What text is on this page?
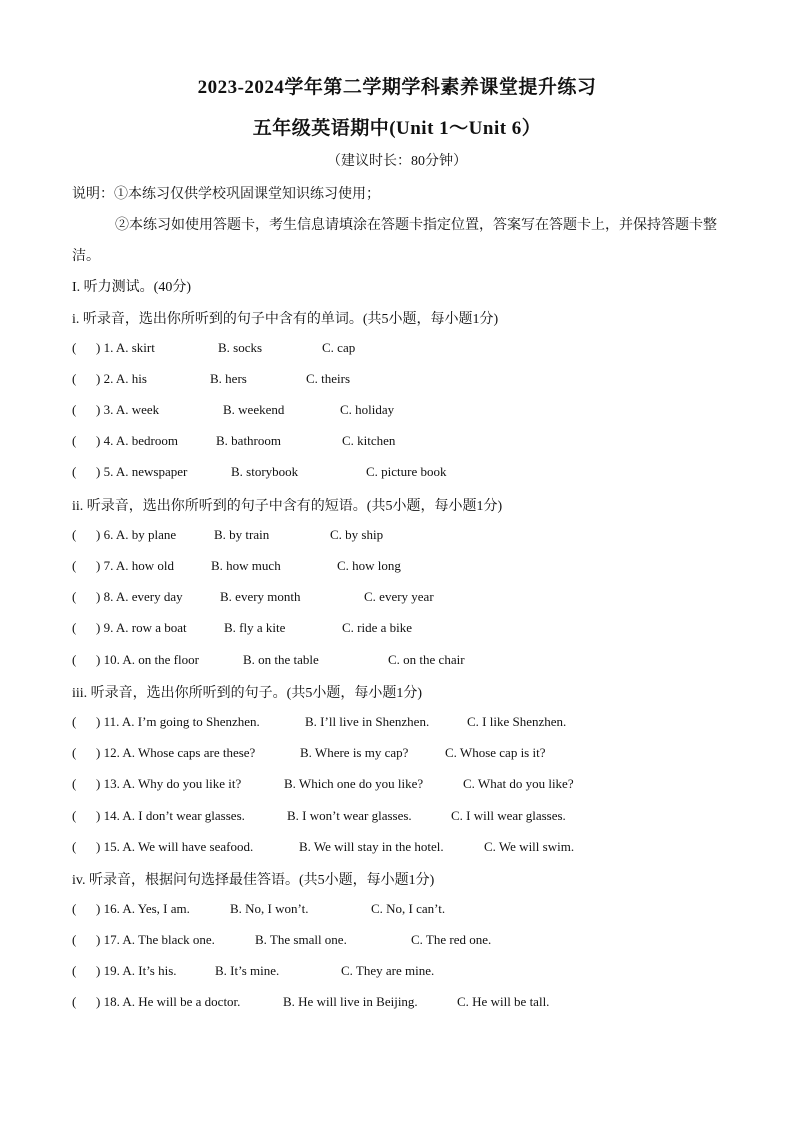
2023-2024学年第二学期学科素养课堂提升练习
五年级英语期中(Unit 1～Unit 6）
（建议时长：80分钟）
说明：①本练习仅供学校巩固课堂知识练习使用；
②本练习如使用答题卡，考生信息请填涂在答题卡指定位置，答案写在答题卡上，并保持答题卡整
洁。
I. 听力测试。(40分)
i. 听录音，选出你所听到的句子中含有的单词。(共5小题，每小题1分)
( ) 1. A. skirt	B. socks	C. cap
( ) 2. A. his	B. hers	C. theirs
( ) 3. A. week	B. weekend	C. holiday
( ) 4. A. bedroom	B. bathroom	C. kitchen
( ) 5. A. newspaper	B. storybook	C. picture book
ii. 听录音，选出你所听到的句子中含有的短语。(共5小题，每小题1分)
( ) 6. A. by plane	B. by train	C. by ship
( ) 7. A. how old	B. how much	C. how long
( ) 8. A. every day	B. every month	C. every year
( ) 9. A. row a boat	B. fly a kite	C. ride a bike
( ) 10. A. on the floor	B. on the table	C. on the chair
iii. 听录音，选出你所听到的句子。(共5小题，每小题1分)
( ) 11. A. I’m going to Shenzhen.	B. I’ll live in Shenzhen.	C. I like Shenzhen.
( ) 12. A. Whose caps are these?	B. Where is my cap?	C. Whose cap is it?
( ) 13. A. Why do you like it?	B. Which one do you like?	C. What do you like?
( ) 14. A. I don’t wear glasses.	B. I won’t wear glasses.	C. I will wear glasses.
( ) 15. A. We will have seafood.	B. We will stay in the hotel.	C. We will swim.
iv. 听录音，根据问句选择最佳答语。(共5小题，每小题1分)
( ) 16. A. Yes, I am.	B. No, I won’t.	C. No, I can’t.
( ) 17. A. The black one.	B. The small one.	C. The red one.
( ) 19. A. It’s his.	B. It’s mine.	C. They are mine.
( ) 18. A. He will be a doctor.	B. He will live in Beijing.	C. He will be tall.
